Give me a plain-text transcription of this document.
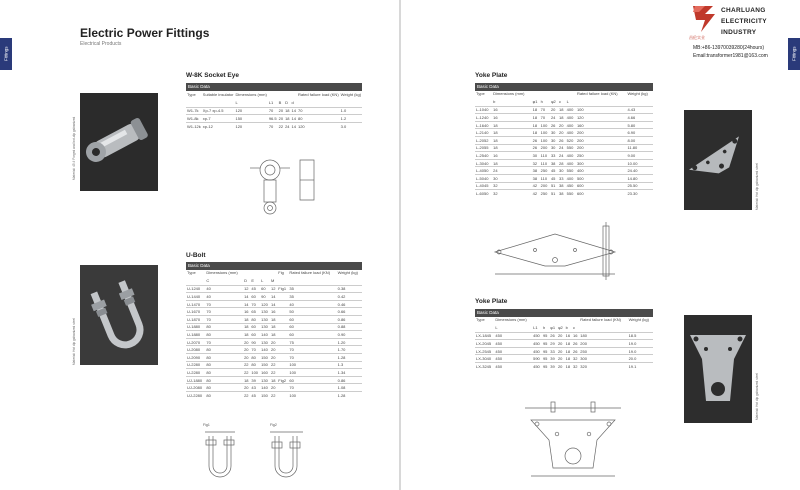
Fittings
Electric Power Fittings
Electrical Products
Material: 45 # Forged and hot-dip galvanized
W-8K Socket Eye
Basic Data
Type	Suitable insulator	Dimensions (mm)					Rated failure load (KN)	Weight (kg)
		L	L1	B	D	d		
W1-7k	Xp-7 xp-4.5	120	70	20	18	14	70	1.0
W1-8k	xp-7	150	96.5	20	18	14	80	1.2
W1-12k	xp-12	120	70	22	24	14	120	3.0
Material: Hot dip galvanized steel
U-Bolt
Basic Data
Type	Dimensions (mm)					Fig	Rated failure load (KN)	Weight (kg)
	C	D	E	L	M			
U-1240	40	12	45	60	12	Fig1	35	0.38
U-1440	40	14	60	90	14		35	0.42
U-1470	70	14	70	120	14		40	0.46
U-1670	70	16	65	130	16		50	0.66
U-1870	70	18	80	130	18		60	0.86
U-1880	80	18	60	130	18		60	0.88
U-1880	80	18	60	140	18		60	0.90
U-2070	70	20	90	130	20		75	1.20
U-2080	80	20	70	140	20		70	1.70
U-2090	80	20	80	150	20		70	1.28
U-2280	80	22	80	150	22		100	1.3
U-2280	80	22	100	160	22		100	1.34
UJ-1880	80	18	39	130	18	Fig2	60	0.86
UJ-2080	80	20	43	140	20		70	1.08
UJ-2280	80	22	45	150	22		100	1.28
Fig1	Fig2
Fittings
CHARLUANG
ELECTRICITY
INDUSTRY
昌伦实业
MB:+86-13970039280(24hours)
Email:transformer1981@163.com
Yoke Plate
Basic Data
Type	Dimensions (mm)						Rated failure load (KN)	Weight (kg)
	b	φ1	h	φ2	c	L		
L-1040	16	18	70	20	18	400	100	4.43
L-1240	16	18	70	24	18	400	120	4.66
L-1640	18	18	100	26	20	400	160	5.80
L-2140	18	18	100	30	20	400	200	6.90
L-2052	18	26	100	30	26	520	200	8.00
L-2055	18	26	200	30	24	550	200	11.80
L-2540	16	30	110	33	24	400	250	9.00
L-3040	18	32	110	38	28	400	300	10.00
L-4050	24	38	250	45	30	550	400	24.40
L-5040	30	38	110	45	33	400	500	14.80
L-4045	32	42	200	51	38	450	600	25.50
L-6050	32	42	250	51	38	550	600	23.30	Material: Hot dip galvanized steel
Yoke Plate
Basic Data
Type	Dimensions (mm)							Rated failure load (KN)	Weight (kg)
	L	L1	h	φ1	φ2	b	c		
LX-1845	450	450	95	26	20	16	16	180	18.5
LX-2045	450	450	95	29	20	18	26	200	19.0
LX-2545	450	450	95	33	20	18	26	250	19.0
LX-3040	450	590	95	39	20	18	32	300	20.0
LX-3245	450	450	95	39	20	18	32	320	19.1
Material: Hot dip galvanized steel
